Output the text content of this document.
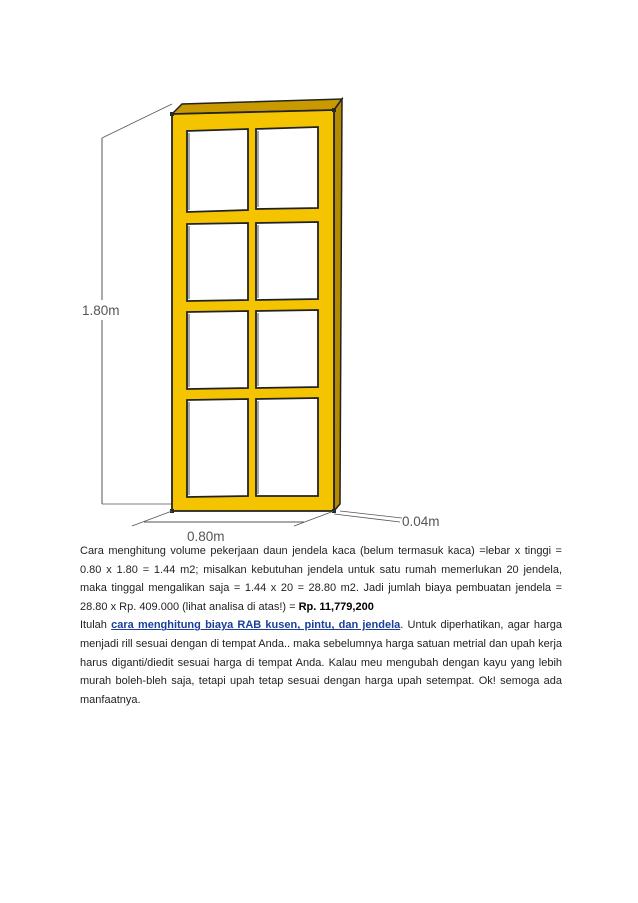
1.80m
0.80m
0.04m

Cara menghitung volume pekerjaan daun jendela kaca (belum termasuk kaca) =lebar x tinggi = 0.80 x 1.80 = 1.44 m2; misalkan kebutuhan jendela untuk satu rumah memerlukan 20 jendela, maka tinggal mengalikan saja = 1.44 x 20 = 28.80 m2. Jadi jumlah biaya pembuatan jendela = 28.80 x Rp. 409.000 (lihat analisa di atas!) = Rp. 11,779,200

Itulah cara menghitung biaya RAB kusen, pintu, dan jendela. Untuk diperhatikan, agar harga menjadi rill sesuai dengan di tempat Anda.. maka sebelumnya harga satuan metrial dan upah kerja harus diganti/diedit sesuai harga di tempat Anda. Kalau meu mengubah dengan kayu yang lebih murah boleh-bleh saja, tetapi upah tetap sesuai dengan harga upah setempat. Ok! semoga ada manfaatnya.
